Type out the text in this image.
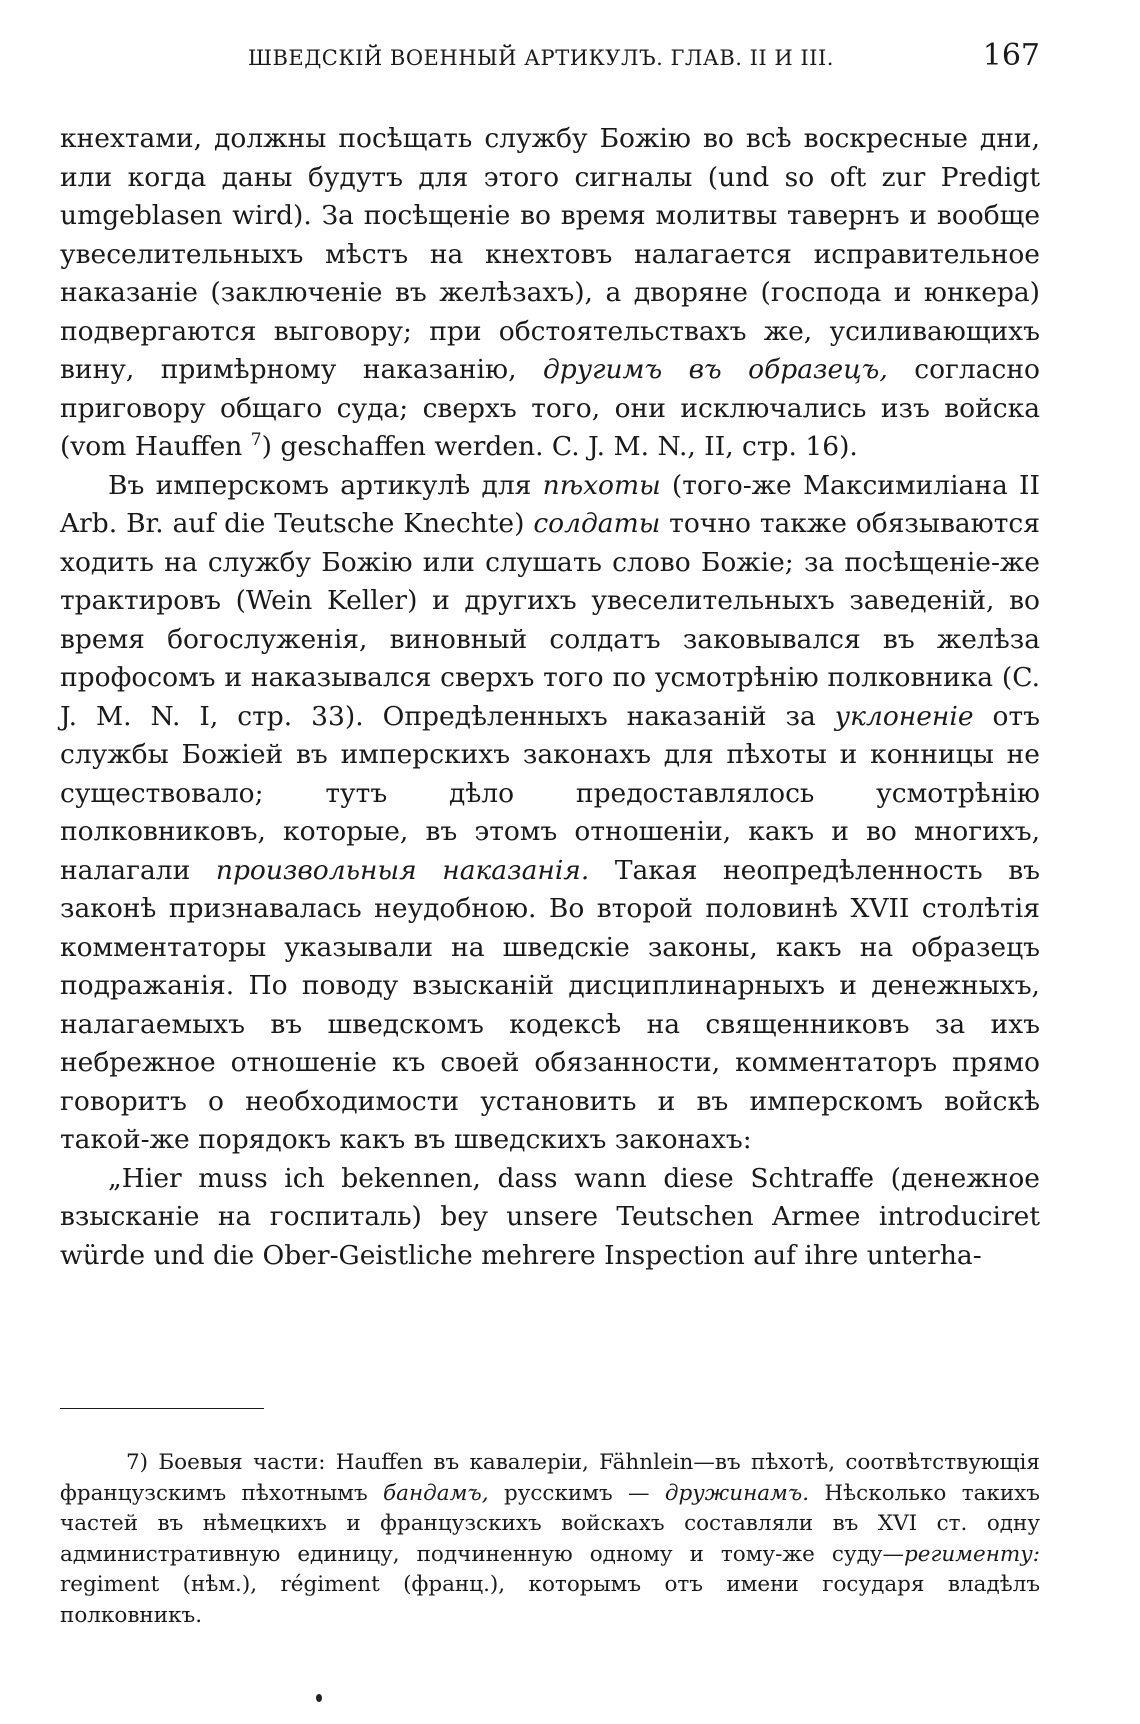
ШВЕДСКІЙ ВОЕННЫЙ АРТИКУЛЪ. ГЛАВ. II И III.	167

кнехтами, должны посѣщать службу Божію во всѣ воскресные дни, или когда даны будутъ для этого сигналы (und so oft zur Predigt umgeblasen wird). За посѣщеніе во время молитвы тавернъ и вообще увеселительныхъ мѣстъ на кнехтовъ налагается исправительное наказаніе (заключеніе въ желѣзахъ), а дворяне (господа и юнкера) подвергаются выговору; при обстоятельствахъ же, усиливающихъ вину, примѣрному наказанію, другимъ въ образецъ, согласно приговору общаго суда; сверхъ того, они исключались изъ войска (vom Hauffen $^7$) geschaffen werden. C. J. M. N., II, стр. 16).

Въ имперскомъ артикулѣ для пѣхоты (того-же Максимиліана II Arb. Br. auf die Teutsche Knechte) солдаты точно также обязываются ходить на службу Божію или слушать слово Божіе; за посѣщеніе-же трактировъ (Wein Keller) и другихъ увеселительныхъ заведеній, во время богослуженія, виновный солдатъ заковывался въ желѣза профосомъ и наказывался сверхъ того по усмотрѣнію полковника (C. J. M. N. I, стр. 33). Опредѣленныхъ наказаній за уклоненіе отъ службы Божіей въ имперскихъ законахъ для пѣхоты и конницы не существовало; тутъ дѣло предоставлялось усмотрѣнію полковниковъ, которые, въ этомъ отношеніи, какъ и во многихъ, налагали произвольныя наказанія. Такая неопредѣленность въ законѣ признавалась неудобною. Во второй половинѣ XVII столѣтія комментаторы указывали на шведскіе законы, какъ на образецъ подражанія. По поводу взысканій дисциплинарныхъ и денежныхъ, налагаемыхъ въ шведскомъ кодексѣ на священниковъ за ихъ небрежное отношеніе къ своей обязанности, комментаторъ прямо говоритъ о необходимости установить и въ имперскомъ войскѣ такой-же порядокъ какъ въ шведскихъ законахъ:

„Hier muss ich bekennen, dass wann diese Schtraffe (денежное взысканіе на госпиталь) bey unsere Teutschen Armee introduciret würde und die Ober-Geistliche mehrere Inspection auf ihre unterha-

7) Боевыя части: Hauffen въ кавалеріи, Fähnlein—въ пѣхотѣ, соотвѣтствующія французскимъ пѣхотнымъ бандамъ, русскимъ — дружинамъ. Нѣсколько такихъ частей въ нѣмецкихъ и французскихъ войскахъ составляли въ XVI ст. одну административную единицу, подчиненную одному и тому-же суду—регименту: regiment (нѣм.), régiment (франц.), которымъ отъ имени государя владѣлъ полковникъ.
